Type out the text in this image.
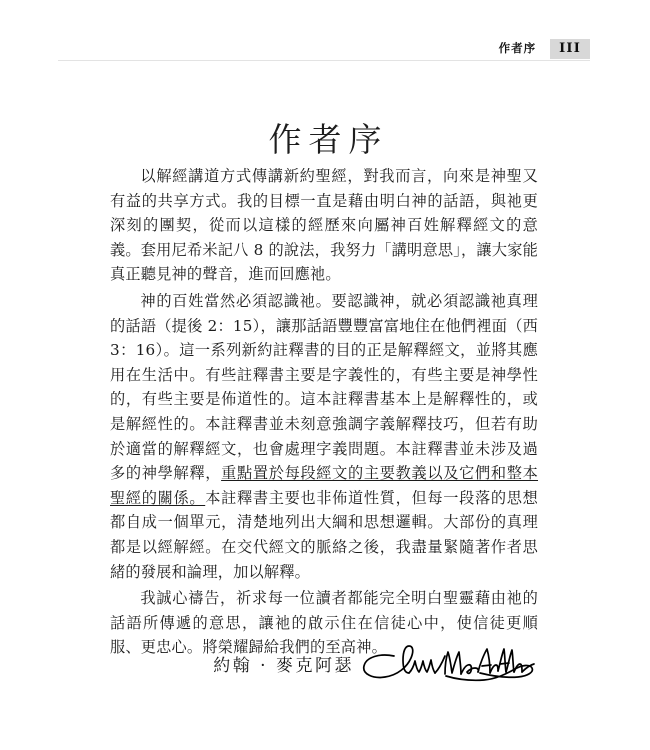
作者序	III
作者序

以解經講道方式傳講新約聖經，對我而言，向來是神聖又有益的共享方式。我的目標一直是藉由明白神的話語，與祂更深刻的團契，從而以這樣的經歷來向屬神百姓解釋經文的意義。套用尼希米記八 8 的說法，我努力「講明意思」，讓大家能真正聽見神的聲音，進而回應祂。

神的百姓當然必須認識祂。要認識神，就必須認識祂真理的話語（提後 2：15），讓那話語豐豐富富地住在他們裡面（西 3：16）。這一系列新約註釋書的目的正是解釋經文，並將其應用在生活中。有些註釋書主要是字義性的，有些主要是神學性的，有些主要是佈道性的。這本註釋書基本上是解釋性的，或是解經性的。本註釋書並未刻意強調字義解釋技巧，但若有助於適當的解釋經文，也會處理字義問題。本註釋書並未涉及過多的神學解釋，重點置於每段經文的主要教義以及它們和整本聖經的關係。本註釋書主要也非佈道性質，但每一段落的思想都自成一個單元，清楚地列出大綱和思想邏輯。大部份的真理都是以經解經。在交代經文的脈絡之後，我盡量緊隨著作者思緒的發展和論理，加以解釋。

我誠心禱告，祈求每一位讀者都能完全明白聖靈藉由祂的話語所傳遞的意思，讓祂的啟示住在信徒心中，使信徒更順服、更忠心。將榮耀歸給我們的至高神。

約翰 · 麥克阿瑟
